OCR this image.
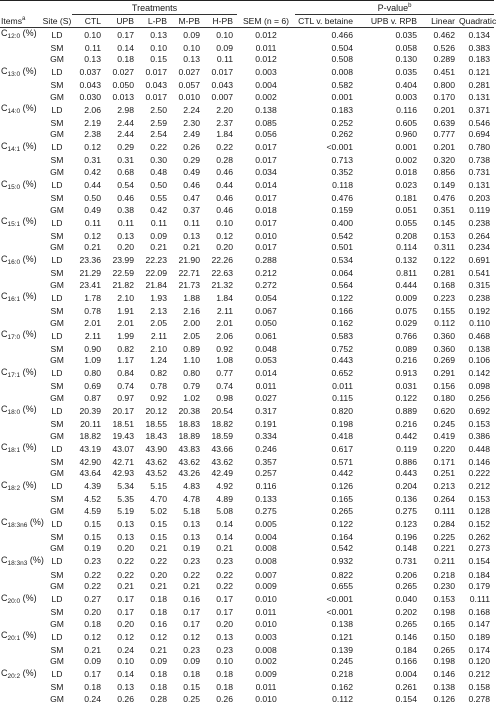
		Treatments						P-value$^b$
Items$^a$	Site (S)	CTL	UPB	L-PB	M-PB	H-PB	SEM (n = 6)	CTL v. betaine	UPB v. RPB	Linear	Quadratic
$C_{12:0}$ (%)	LD	0.10	0.17	0.13	0.09	0.10	0.012	0.466	0.035	0.462	0.134
	SM	0.11	0.14	0.10	0.10	0.09	0.011	0.504	0.058	0.526	0.383
	GM	0.13	0.18	0.15	0.13	0.11	0.012	0.508	0.130	0.289	0.183
$C_{13:0}$ (%)	LD	0.037	0.027	0.017	0.027	0.017	0.003	0.008	0.035	0.451	0.121
	SM	0.043	0.050	0.043	0.057	0.043	0.004	0.582	0.404	0.800	0.281
	GM	0.030	0.013	0.017	0.010	0.007	0.002	0.001	0.003	0.170	0.131
$C_{14:0}$ (%)	LD	2.06	2.98	2.50	2.24	2.20	0.138	0.183	0.116	0.201	0.371
	SM	2.19	2.44	2.59	2.30	2.37	0.085	0.252	0.605	0.639	0.546
	GM	2.38	2.44	2.54	2.49	1.84	0.056	0.262	0.960	0.777	0.694
$C_{14:1}$ (%)	LD	0.12	0.29	0.22	0.26	0.22	0.017	<0.001	0.001	0.201	0.780
	SM	0.31	0.31	0.30	0.29	0.28	0.017	0.713	0.002	0.320	0.738
	GM	0.42	0.68	0.48	0.49	0.46	0.034	0.352	0.018	0.856	0.731
$C_{15:0}$ (%)	LD	0.44	0.54	0.50	0.46	0.44	0.014	0.118	0.023	0.149	0.131
	SM	0.50	0.46	0.55	0.47	0.46	0.017	0.476	0.181	0.476	0.203
	GM	0.49	0.38	0.42	0.37	0.46	0.018	0.159	0.051	0.351	0.119
$C_{15:1}$ (%)	LD	0.11	0.11	0.11	0.11	0.10	0.017	0.400	0.055	0.145	0.238
	SM	0.12	0.13	0.09	0.13	0.12	0.010	0.542	0.208	0.153	0.264
	GM	0.21	0.20	0.21	0.21	0.20	0.017	0.501	0.114	0.311	0.234
$C_{16:0}$ (%)	LD	23.36	23.99	22.23	21.90	22.26	0.288	0.534	0.132	0.122	0.691
	SM	21.29	22.59	22.09	22.71	22.63	0.212	0.064	0.811	0.281	0.541
	GM	23.41	21.82	21.84	21.73	21.32	0.272	0.564	0.444	0.168	0.315
$C_{16:1}$ (%)	LD	1.78	2.10	1.93	1.88	1.84	0.054	0.122	0.009	0.223	0.238
	SM	0.78	1.91	2.13	2.16	2.11	0.067	0.166	0.075	0.155	0.192
	GM	2.01	2.01	2.05	2.00	2.01	0.050	0.162	0.029	0.112	0.110
$C_{17:0}$ (%)	LD	2.11	1.99	2.11	2.05	2.06	0.061	0.583	0.766	0.360	0.468
	SM	0.90	0.82	2.10	0.89	0.92	0.048	0.752	0.089	0.360	0.138
	GM	1.09	1.17	1.24	1.10	1.08	0.053	0.443	0.216	0.269	0.106
$C_{17:1}$ (%)	LD	0.80	0.84	0.82	0.80	0.77	0.014	0.652	0.913	0.291	0.142
	SM	0.69	0.74	0.78	0.79	0.74	0.011	0.011	0.031	0.156	0.098
	GM	0.87	0.97	0.92	1.02	0.98	0.027	0.115	0.122	0.180	0.256
$C_{18:0}$ (%)	LD	20.39	20.17	20.12	20.38	20.54	0.317	0.820	0.889	0.620	0.692
	SM	20.11	18.51	18.55	18.83	18.82	0.191	0.198	0.216	0.245	0.153
	GM	18.82	19.43	18.43	18.89	18.59	0.334	0.418	0.442	0.419	0.386
$C_{18:1}$ (%)	LD	43.19	43.07	43.90	43.83	43.66	0.246	0.617	0.119	0.220	0.448
	SM	42.90	42.71	43.62	43.62	43.62	0.357	0.571	0.886	0.171	0.146
	GM	43.64	42.93	43.52	43.26	42.49	0.257	0.442	0.443	0.251	0.222
$C_{18:2}$ (%)	LD	4.39	5.34	5.15	4.83	4.92	0.116	0.126	0.204	0.213	0.212
	SM	4.52	5.35	4.70	4.78	4.89	0.133	0.165	0.136	0.264	0.153
	GM	4.59	5.19	5.02	5.18	5.08	0.275	0.265	0.275	0.111	0.128
$C_{18:3n6}$ (%)	LD	0.15	0.13	0.15	0.13	0.14	0.005	0.122	0.123	0.284	0.152
	SM	0.15	0.13	0.15	0.13	0.14	0.004	0.164	0.196	0.225	0.262
	GM	0.19	0.20	0.21	0.19	0.21	0.008	0.542	0.148	0.221	0.273
$C_{18:3n3}$ (%)	LD	0.23	0.22	0.22	0.23	0.23	0.008	0.932	0.731	0.211	0.154
	SM	0.22	0.22	0.20	0.22	0.22	0.007	0.822	0.206	0.218	0.184
	GM	0.22	0.21	0.21	0.21	0.22	0.009	0.655	0.265	0.230	0.179
$C_{20:0}$ (%)	LD	0.27	0.17	0.18	0.16	0.17	0.010	<0.001	0.040	0.153	0.111
	SM	0.20	0.17	0.18	0.17	0.17	0.011	<0.001	0.202	0.198	0.168
	GM	0.18	0.20	0.16	0.17	0.20	0.010	0.138	0.265	0.165	0.147
$C_{20:1}$ (%)	LD	0.12	0.12	0.12	0.12	0.13	0.003	0.121	0.146	0.150	0.189
	SM	0.21	0.24	0.21	0.23	0.23	0.008	0.139	0.184	0.265	0.174
	GM	0.09	0.10	0.09	0.09	0.10	0.002	0.245	0.166	0.198	0.120
$C_{20:2}$ (%)	LD	0.17	0.14	0.18	0.18	0.18	0.009	0.218	0.004	0.146	0.212
	SM	0.18	0.13	0.18	0.15	0.18	0.011	0.162	0.261	0.138	0.158
	GM	0.24	0.26	0.28	0.25	0.26	0.010	0.112	0.154	0.126	0.278
